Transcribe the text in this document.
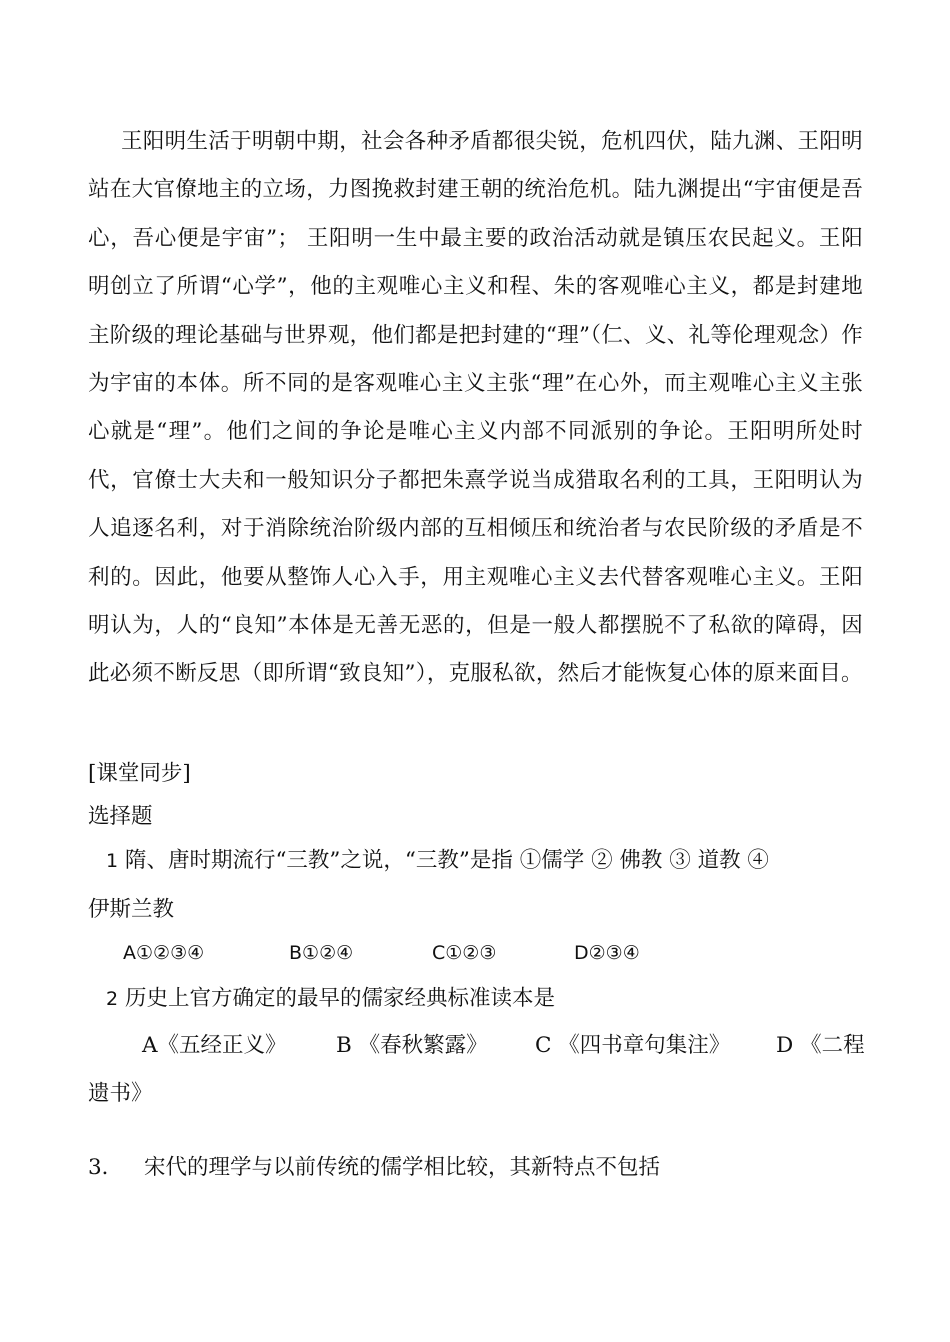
王阳明生活于明朝中期，社会各种矛盾都很尖锐，危机四伏，陆九渊、王阳明站在大官僚地主的立场，力图挽救封建王朝的统治危机。陆九渊提出“宇宙便是吾心，吾心便是宇宙”； 王阳明一生中最主要的政治活动就是镇压农民起义。王阳明创立了所谓“心学”，他的主观唯心主义和程、朱的客观唯心主义，都是封建地主阶级的理论基础与世界观，他们都是把封建的“理”（仁、义、礼等伦理观念）作为宇宙的本体。所不同的是客观唯心主义主张“理”在心外，而主观唯心主义主张心就是“理”。他们之间的争论是唯心主义内部不同派别的争论。王阳明所处时代，官僚士大夫和一般知识分子都把朱熹学说当成猎取名利的工具，王阳明认为人追逐名利，对于消除统治阶级内部的互相倾压和统治者与农民阶级的矛盾是不利的。因此，他要从整饰人心入手，用主观唯心主义去代替客观唯心主义。王阳明认为，人的“良知”本体是无善无恶的，但是一般人都摆脱不了私欲的障碍，因此必须不断反思（即所谓“致良知”），克服私欲，然后才能恢复心体的原来面目。

[课堂同步]
选择题
1 隋、唐时期流行“三教”之说，“三教”是指 ①儒学 ② 佛教 ③ 道教 ④
伊斯兰教
A①②③④	B①②④	C①②③	D②③④
2 历史上官方确定的最早的儒家经典标准读本是
A《五经正义》 B 《春秋繁露》 C 《四书章句集注》 D 《二程
遗书》
3． 宋代的理学与以前传统的儒学相比较，其新特点不包括
